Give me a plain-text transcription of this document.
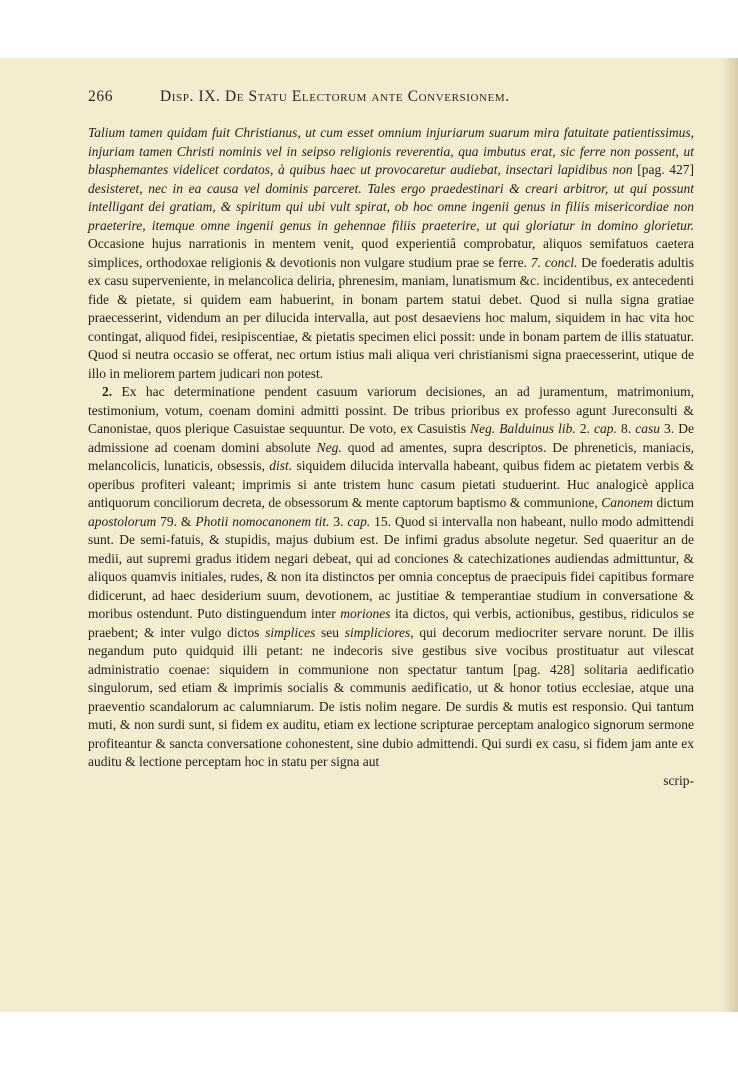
266	Disp. IX. De Statu Electorum ante Conversionem.

Talium tamen quidam fuit Christianus, ut cum esset omnium injuriarum suarum mira fatuitate patientissimus, injuriam tamen Christi nominis vel in seipso religionis reverentia, qua imbutus erat, sic ferre non possent, ut blasphemantes videlicet cordatos, à quibus haec ut provocaretur audiebat, insectari lapidibus non [pag. 427] desisteret, nec in ea causa vel dominis parceret. Tales ergo praedestinari & creari arbitror, ut qui possunt intelligant dei gratiam, & spiritum qui ubi vult spirat, ob hoc omne ingenii genus in filiis misericordiae non praeterire, itemque omne ingenii genus in gehennae filiis praeterire, ut qui gloriatur in domino glorietur. Occasione hujus narrationis in mentem venit, quod experientiâ comprobatur, aliquos semifatuos caetera simplices, orthodoxae religionis & devotionis non vulgare studium prae se ferre. 7. concl. De foederatis adultis ex casu superveniente, in melancolica deliria, phrenesim, maniam, lunatismum &c. incidentibus, ex antecedenti fide & pietate, si quidem eam habuerint, in bonam partem statui debet. Quod si nulla signa gratiae praecesserint, videndum an per dilucida intervalla, aut post desaeviens hoc malum, siquidem in hac vita hoc contingat, aliquod fidei, resipiscentiae, & pietatis specimen elici possit: unde in bonam partem de illis statuatur. Quod si neutra occasio se offerat, nec ortum istius mali aliqua veri christianismi signa praecesserint, utique de illo in meliorem partem judicari non potest.

2. Ex hac determinatione pendent casuum variorum decisiones, an ad juramentum, matrimonium, testimonium, votum, coenam domini admitti possint. De tribus prioribus ex professo agunt Jureconsulti & Canonistae, quos plerique Casuistae sequuntur. De voto, ex Casuistis Neg. Balduinus lib. 2. cap. 8. casu 3. De admissione ad coenam domini absolute Neg. quod ad amentes, supra descriptos. De phreneticis, maniacis, melancolicis, lunaticis, obsessis, dist. siquidem dilucida intervalla habeant, quibus fidem ac pietatem verbis & operibus profiteri valeant; imprimis si ante tristem hunc casum pietati studuerint. Huc analogicè applica antiquorum conciliorum decreta, de obsessorum & mente captorum baptismo & communione, Canonem dictum apostolorum 79. & Photii nomocanonem tit. 3. cap. 15. Quod si intervalla non habeant, nullo modo admittendi sunt. De semi-fatuis, & stupidis, majus dubium est. De infimi gradus absolute negetur. Sed quaeritur an de medii, aut supremi gradus itidem negari debeat, qui ad conciones & catechizationes audiendas admittuntur, & aliquos quamvis initiales, rudes, & non ita distinctos per omnia conceptus de praecipuis fidei capitibus formare didicerunt, ad haec desiderium suum, devotionem, ac justitiae & temperantiae studium in conversatione & moribus ostendunt. Puto distinguendum inter moriones ita dictos, qui verbis, actionibus, gestibus, ridiculos se praebent; & inter vulgo dictos simplices seu simpliciores, qui decorum mediocriter servare norunt. De illis negandum puto quidquid illi petant: ne indecoris sive gestibus sive vocibus prostituatur aut vilescat administratio coenae: siquidem in communione non spectatur tantum [pag. 428] solitaria aedificatio singulorum, sed etiam & imprimis socialis & communis aedificatio, ut & honor totius ecclesiae, atque una praeventio scandalorum ac calumniarum. De istis nolim negare. De surdis & mutis est responsio. Qui tantum muti, & non surdi sunt, si fidem ex auditu, etiam ex lectione scripturae perceptam analogico signorum sermone profiteantur & sancta conversatione cohonestent, sine dubio admittendi. Qui surdi ex casu, si fidem jam ante ex auditu & lectione perceptam hoc in statu per signa aut

scrip-
